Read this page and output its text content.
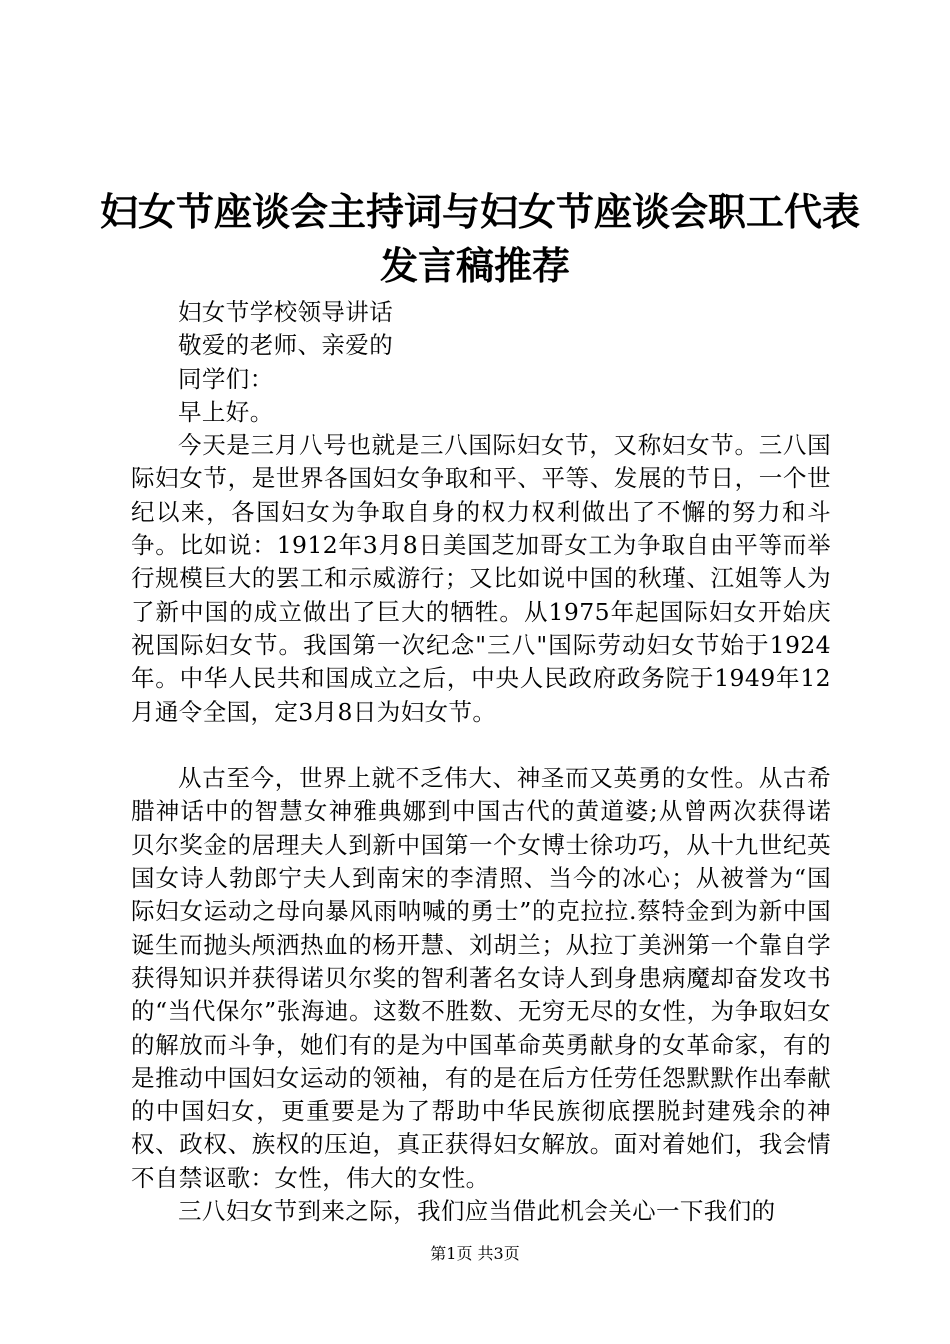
妇女节座谈会主持词与妇女节座谈会职工代表
发言稿推荐

妇女节学校领导讲话

敬爱的老师、亲爱的

同学们：

早上好。

今天是三月八号也就是三八国际妇女节，又称妇女节。三八国际妇女节，是世界各国妇女争取和平、平等、发展的节日，一个世纪以来，各国妇女为争取自身的权力权利做出了不懈的努力和斗争。比如说：1912年3月8日美国芝加哥女工为争取自由平等而举行规模巨大的罢工和示威游行；又比如说中国的秋瑾、江姐等人为了新中国的成立做出了巨大的牺牲。从1975年起国际妇女开始庆祝国际妇女节。我国第一次纪念"三八"国际劳动妇女节始于1924年。中华人民共和国成立之后，中央人民政府政务院于1949年12月通令全国，定3月8日为妇女节。

从古至今，世界上就不乏伟大、神圣而又英勇的女性。从古希腊神话中的智慧女神雅典娜到中国古代的黄道婆;从曾两次获得诺贝尔奖金的居理夫人到新中国第一个女博士徐功巧，从十九世纪英国女诗人勃郎宁夫人到南宋的李清照、当今的冰心；从被誉为“国际妇女运动之母向暴风雨呐喊的勇士”的克拉拉.蔡特金到为新中国诞生而抛头颅洒热血的杨开慧、刘胡兰；从拉丁美洲第一个靠自学获得知识并获得诺贝尔奖的智利著名女诗人到身患病魔却奋发攻书的“当代保尔”张海迪。这数不胜数、无穷无尽的女性，为争取妇女的解放而斗争，她们有的是为中国革命英勇献身的女革命家，有的是推动中国妇女运动的领袖，有的是在后方任劳任怨默默作出奉献的中国妇女，更重要是为了帮助中华民族彻底摆脱封建残余的神权、政权、族权的压迫，真正获得妇女解放。面对着她们，我会情不自禁讴歌：女性，伟大的女性。

三八妇女节到来之际，我们应当借此机会关心一下我们的

第1页 共3页
